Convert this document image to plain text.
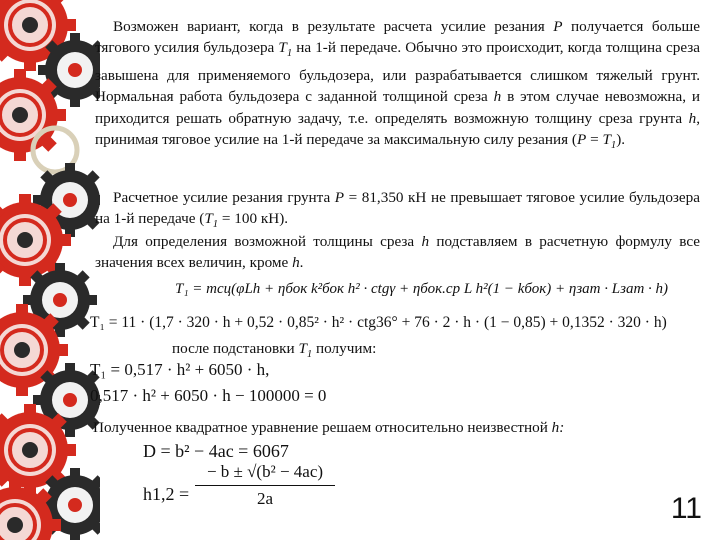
Возможен вариант, когда в результате расчета усилие резания P получается больше тягового усилия бульдозера $T_1$ на 1-й передаче. Обычно это происходит, когда толщина среза завышена для применяемого бульдозера, или разрабатывается слишком тяжелый грунт. Нормальная работа бульдозера с заданной толщиной среза h в этом случае невозможна, и приходится решать обратную задачу, т.е. определять возможную толщину среза грунта h, принимая тяговое усилие на 1-й передаче за максимальную силу резания $(P = T_1)$.

Расчетное усилие резания грунта P = 81,350 кН не превышает тяговое усилие бульдозера на 1-й передаче ($T_1 = 100$ кН).

Для определения возможной толщины среза h подставляем в расчетную формулу все значения всех величин, кроме h.

T₁ = mсц(φLh + ηбок k²бок h² · ctgγ + ηбок.ср L h²(1 − kбок) + ηзат · Lзат · h)
T₁ = 11 · (1,7 · 320 · h + 0,52 · 0,85² · h² · ctg36° + 76 · 2 · h · (1 − 0,85) + 0,1352 · 320 · h)
после подстановки $T_1$ получим:
T₁ = 0,517 · h² + 6050 · h,
0,517 · h² + 6050 · h − 100000 = 0
Полученное квадратное уравнение решаем относительно неизвестной h:
D = b² − 4ac = 6067
h1,2 =
− b ± √(b² − 4ac)
2a	11
